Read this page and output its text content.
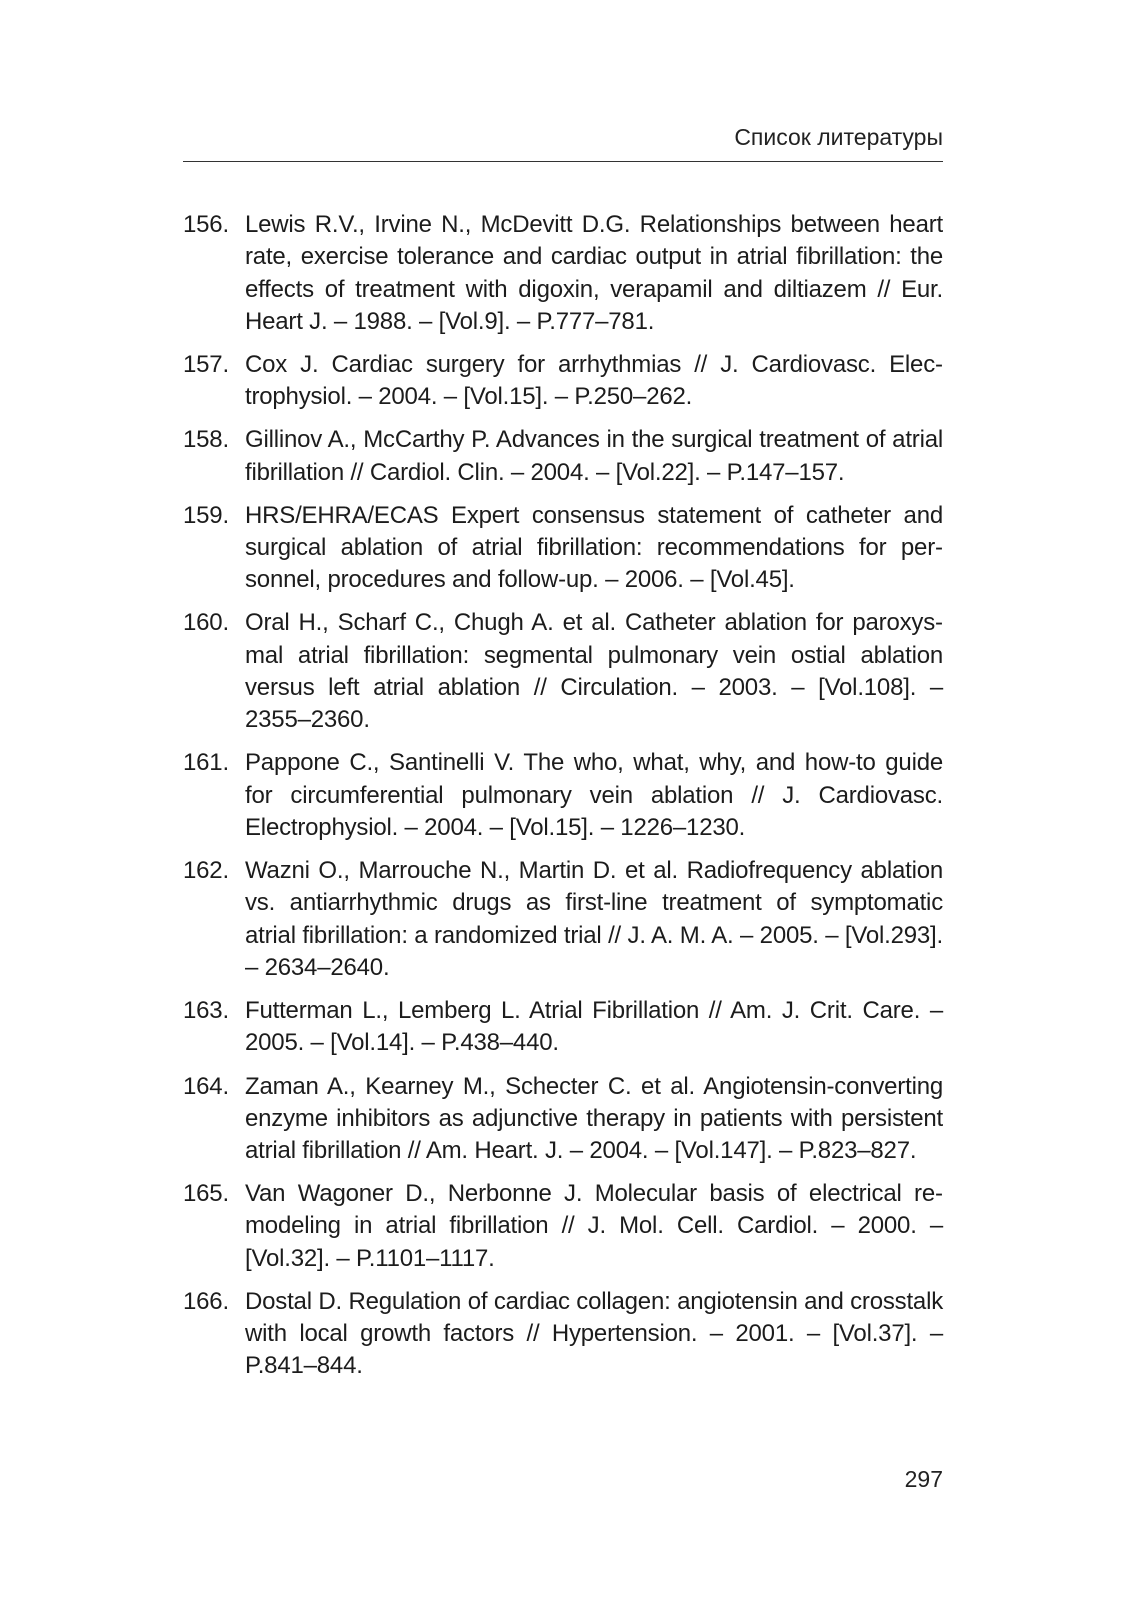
Список литературы
156. Lewis R.V., Irvine N., McDevitt D.G. Relationships between heart rate, exercise tolerance and cardiac output in atrial fibrillation: the effects of treatment with digoxin, verapamil and diltiazem // Eur. Heart J. – 1988. – [Vol.9]. – P.777–781.
157. Cox J. Cardiac surgery for arrhythmias // J. Cardiovasc. Electrophysiol. – 2004. – [Vol.15]. – P.250–262.
158. Gillinov A., McCarthy P. Advances in the surgical treatment of atrial fibrillation // Cardiol. Clin. – 2004. – [Vol.22]. – P.147–157.
159. HRS/EHRA/ECAS Expert consensus statement of catheter and surgical ablation of atrial fibrillation: recommendations for personnel, procedures and follow-up. – 2006. – [Vol.45].
160. Oral H., Scharf C., Chugh A. et al. Catheter ablation for paroxysmal atrial fibrillation: segmental pulmonary vein ostial ablation versus left atrial ablation // Circulation. – 2003. – [Vol.108]. – 2355–2360.
161. Pappone C., Santinelli V. The who, what, why, and how-to guide for circumferential pulmonary vein ablation // J. Cardiovasc. Electrophysiol. – 2004. – [Vol.15]. – 1226–1230.
162. Wazni O., Marrouche N., Martin D. et al. Radiofrequency ablation vs. antiarrhythmic drugs as first-line treatment of symptomatic atrial fibrillation: a randomized trial // J. A. M. A. – 2005. – [Vol.293]. – 2634–2640.
163. Futterman L., Lemberg L. Atrial Fibrillation // Am. J. Crit. Care. – 2005. – [Vol.14]. – P.438–440.
164. Zaman A., Kearney M., Schecter C. et al. Angiotensin-converting enzyme inhibitors as adjunctive therapy in patients with persistent atrial fibrillation // Am. Heart. J. – 2004. – [Vol.147]. – P.823–827.
165. Van Wagoner D., Nerbonne J. Molecular basis of electrical remodeling in atrial fibrillation // J. Mol. Cell. Cardiol. – 2000. – [Vol.32]. – P.1101–1117.
166. Dostal D. Regulation of cardiac collagen: angiotensin and crosstalk with local growth factors // Hypertension. – 2001. – [Vol.37]. – P.841–844.
297
